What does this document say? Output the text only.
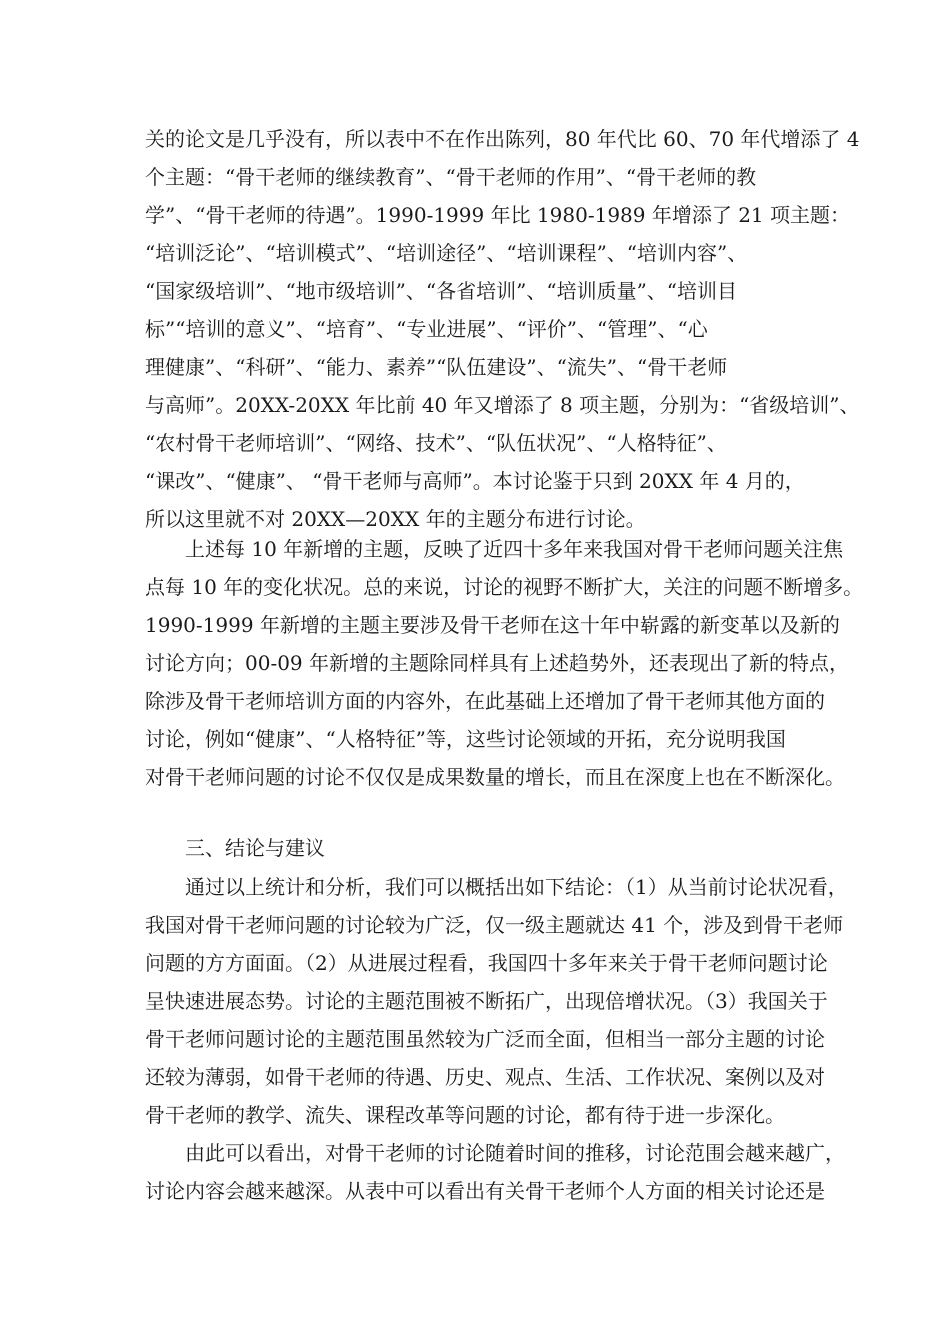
关的论文是几乎没有，所以表中不在作出陈列，80 年代比 60、70 年代增添了 4
个主题：“骨干老师的继续教育”、“骨干老师的作用”、“骨干老师的教
学”、“骨干老师的待遇”。1990-1999 年比 1980-1989 年增添了 21 项主题：
“培训泛论”、“培训模式”、“培训途径”、“培训课程”、“培训内容”、
“国家级培训”、“地市级培训”、“各省培训”、“培训质量”、“培训目
标”“培训的意义”、“培育”、“专业进展”、“评价”、“管理”、“心
理健康”、“科研”、“能力、素养”“队伍建设”、“流失”、“骨干老师
与高师”。20XX-20XX 年比前 40 年又增添了 8 项主题，分别为：“省级培训”、
“农村骨干老师培训”、“网络、技术”、“队伍状况”、“人格特征”、
“课改”、“健康”、 “骨干老师与高师”。本讨论鉴于只到 20XX 年 4 月的，
所以这里就不对 20XX—20XX 年的主题分布进行讨论。
上述每 10 年新增的主题，反映了近四十多年来我国对骨干老师问题关注焦
点每 10 年的变化状况。总的来说，讨论的视野不断扩大，关注的问题不断增多。
1990-1999 年新增的主题主要涉及骨干老师在这十年中崭露的新变革以及新的
讨论方向；00-09 年新增的主题除同样具有上述趋势外，还表现出了新的特点，
除涉及骨干老师培训方面的内容外，在此基础上还增加了骨干老师其他方面的
讨论，例如“健康”、“人格特征”等，这些讨论领域的开拓，充分说明我国
对骨干老师问题的讨论不仅仅是成果数量的增长，而且在深度上也在不断深化。
三、结论与建议
通过以上统计和分析，我们可以概括出如下结论：（1）从当前讨论状况看，
我国对骨干老师问题的讨论较为广泛，仅一级主题就达 41 个，涉及到骨干老师
问题的方方面面。（2）从进展过程看，我国四十多年来关于骨干老师问题讨论
呈快速进展态势。讨论的主题范围被不断拓广，出现倍增状况。（3）我国关于
骨干老师问题讨论的主题范围虽然较为广泛而全面，但相当一部分主题的讨论
还较为薄弱，如骨干老师的待遇、历史、观点、生活、工作状况、案例以及对
骨干老师的教学、流失、课程改革等问题的讨论，都有待于进一步深化。
由此可以看出，对骨干老师的讨论随着时间的推移，讨论范围会越来越广，
讨论内容会越来越深。从表中可以看出有关骨干老师个人方面的相关讨论还是
